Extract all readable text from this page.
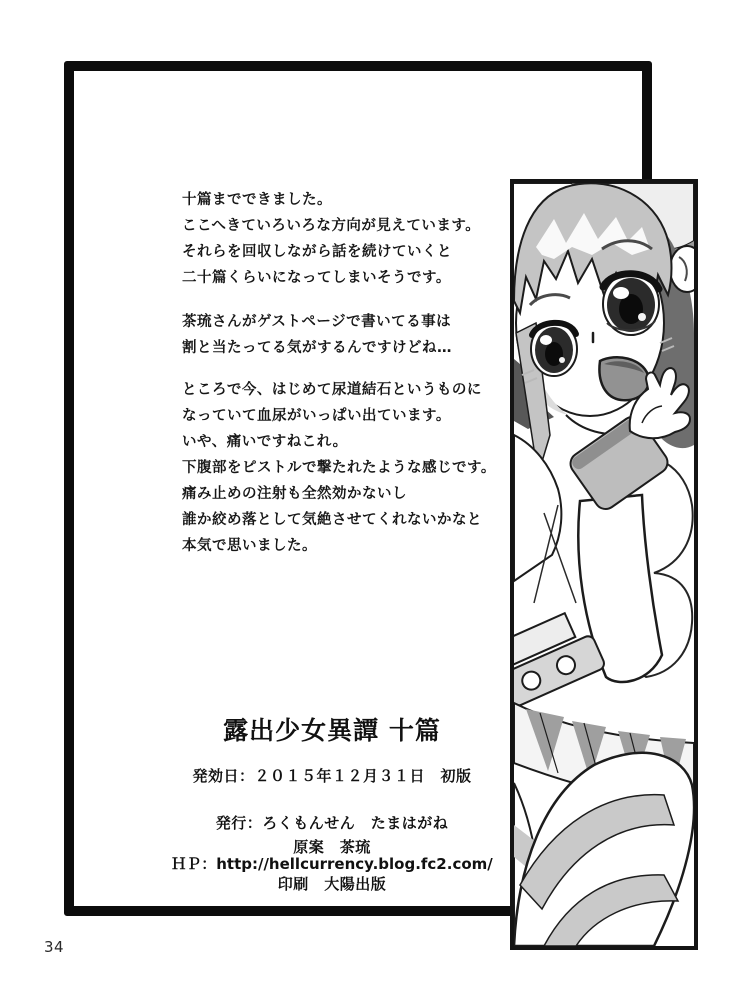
十篇までできました。
ここへきていろいろな方向が見えています。
それらを回収しながら話を続けていくと
二十篇くらいになってしまいそうです。
茶琉さんがゲストページで書いてる事は
割と当たってる気がするんですけどね…
ところで今、はじめて尿道結石というものに
なっていて血尿がいっぱい出ています。
いや、痛いですねこれ。
下腹部をピストルで撃たれたような感じです。
痛み止めの注射も全然効かないし
誰か絞め落として気絶させてくれないかなと
本気で思いました。
露出少女異譚 十篇
発効日：２０１５年１２月３１日　初版
発行：ろくもんせん　たまはがね
原案　茶琉
ＨＰ：http://hellcurrency.blog.fc2.com/
印刷　大陽出版
34
